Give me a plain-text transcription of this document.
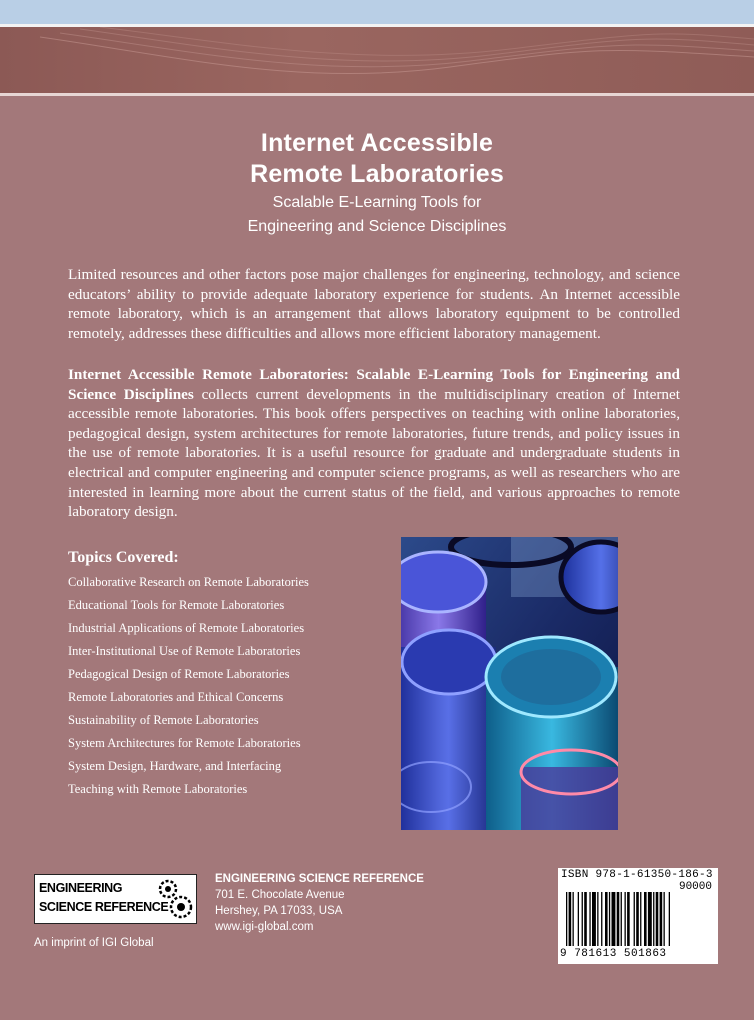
Internet Accessible
Remote Laboratories
Scalable E-Learning Tools for
Engineering and Science Disciplines
Limited resources and other factors pose major challenges for engineering, technology, and science educators’ ability to provide adequate laboratory experience for students. An Internet accessible remote laboratory, which is an arrangement that allows laboratory equipment to be controlled remotely, addresses these difficulties and allows more efficient laboratory management.
Internet Accessible Remote Laboratories: Scalable E-Learning Tools for Engineering and Science Disciplines collects current developments in the multidisciplinary creation of Internet accessible remote laboratories. This book offers perspectives on teaching with online laboratories, pedagogical design, system architectures for remote laboratories, future trends, and policy issues in the use of remote laboratories. It is a useful resource for graduate and undergraduate students in electrical and computer engineering and computer science programs, as well as researchers who are interested in learning more about the current status of the field, and various approaches to remote laboratory design.
Topics Covered:
Collaborative Research on Remote Laboratories
Educational Tools for Remote Laboratories
Industrial Applications of Remote Laboratories
Inter-Institutional Use of Remote Laboratories
Pedagogical Design of Remote Laboratories
Remote Laboratories and Ethical Concerns
Sustainability of Remote Laboratories
System Architectures for Remote Laboratories
System Design, Hardware, and Interfacing
Teaching with Remote Laboratories
ENGINEERING
SCIENCE REFERENCE
An imprint of IGI Global
ENGINEERING SCIENCE REFERENCE
701 E. Chocolate Avenue
Hershey, PA 17033, USA
www.igi-global.com
ISBN 978-1-61350-186-3
90000
9 781613 501863
